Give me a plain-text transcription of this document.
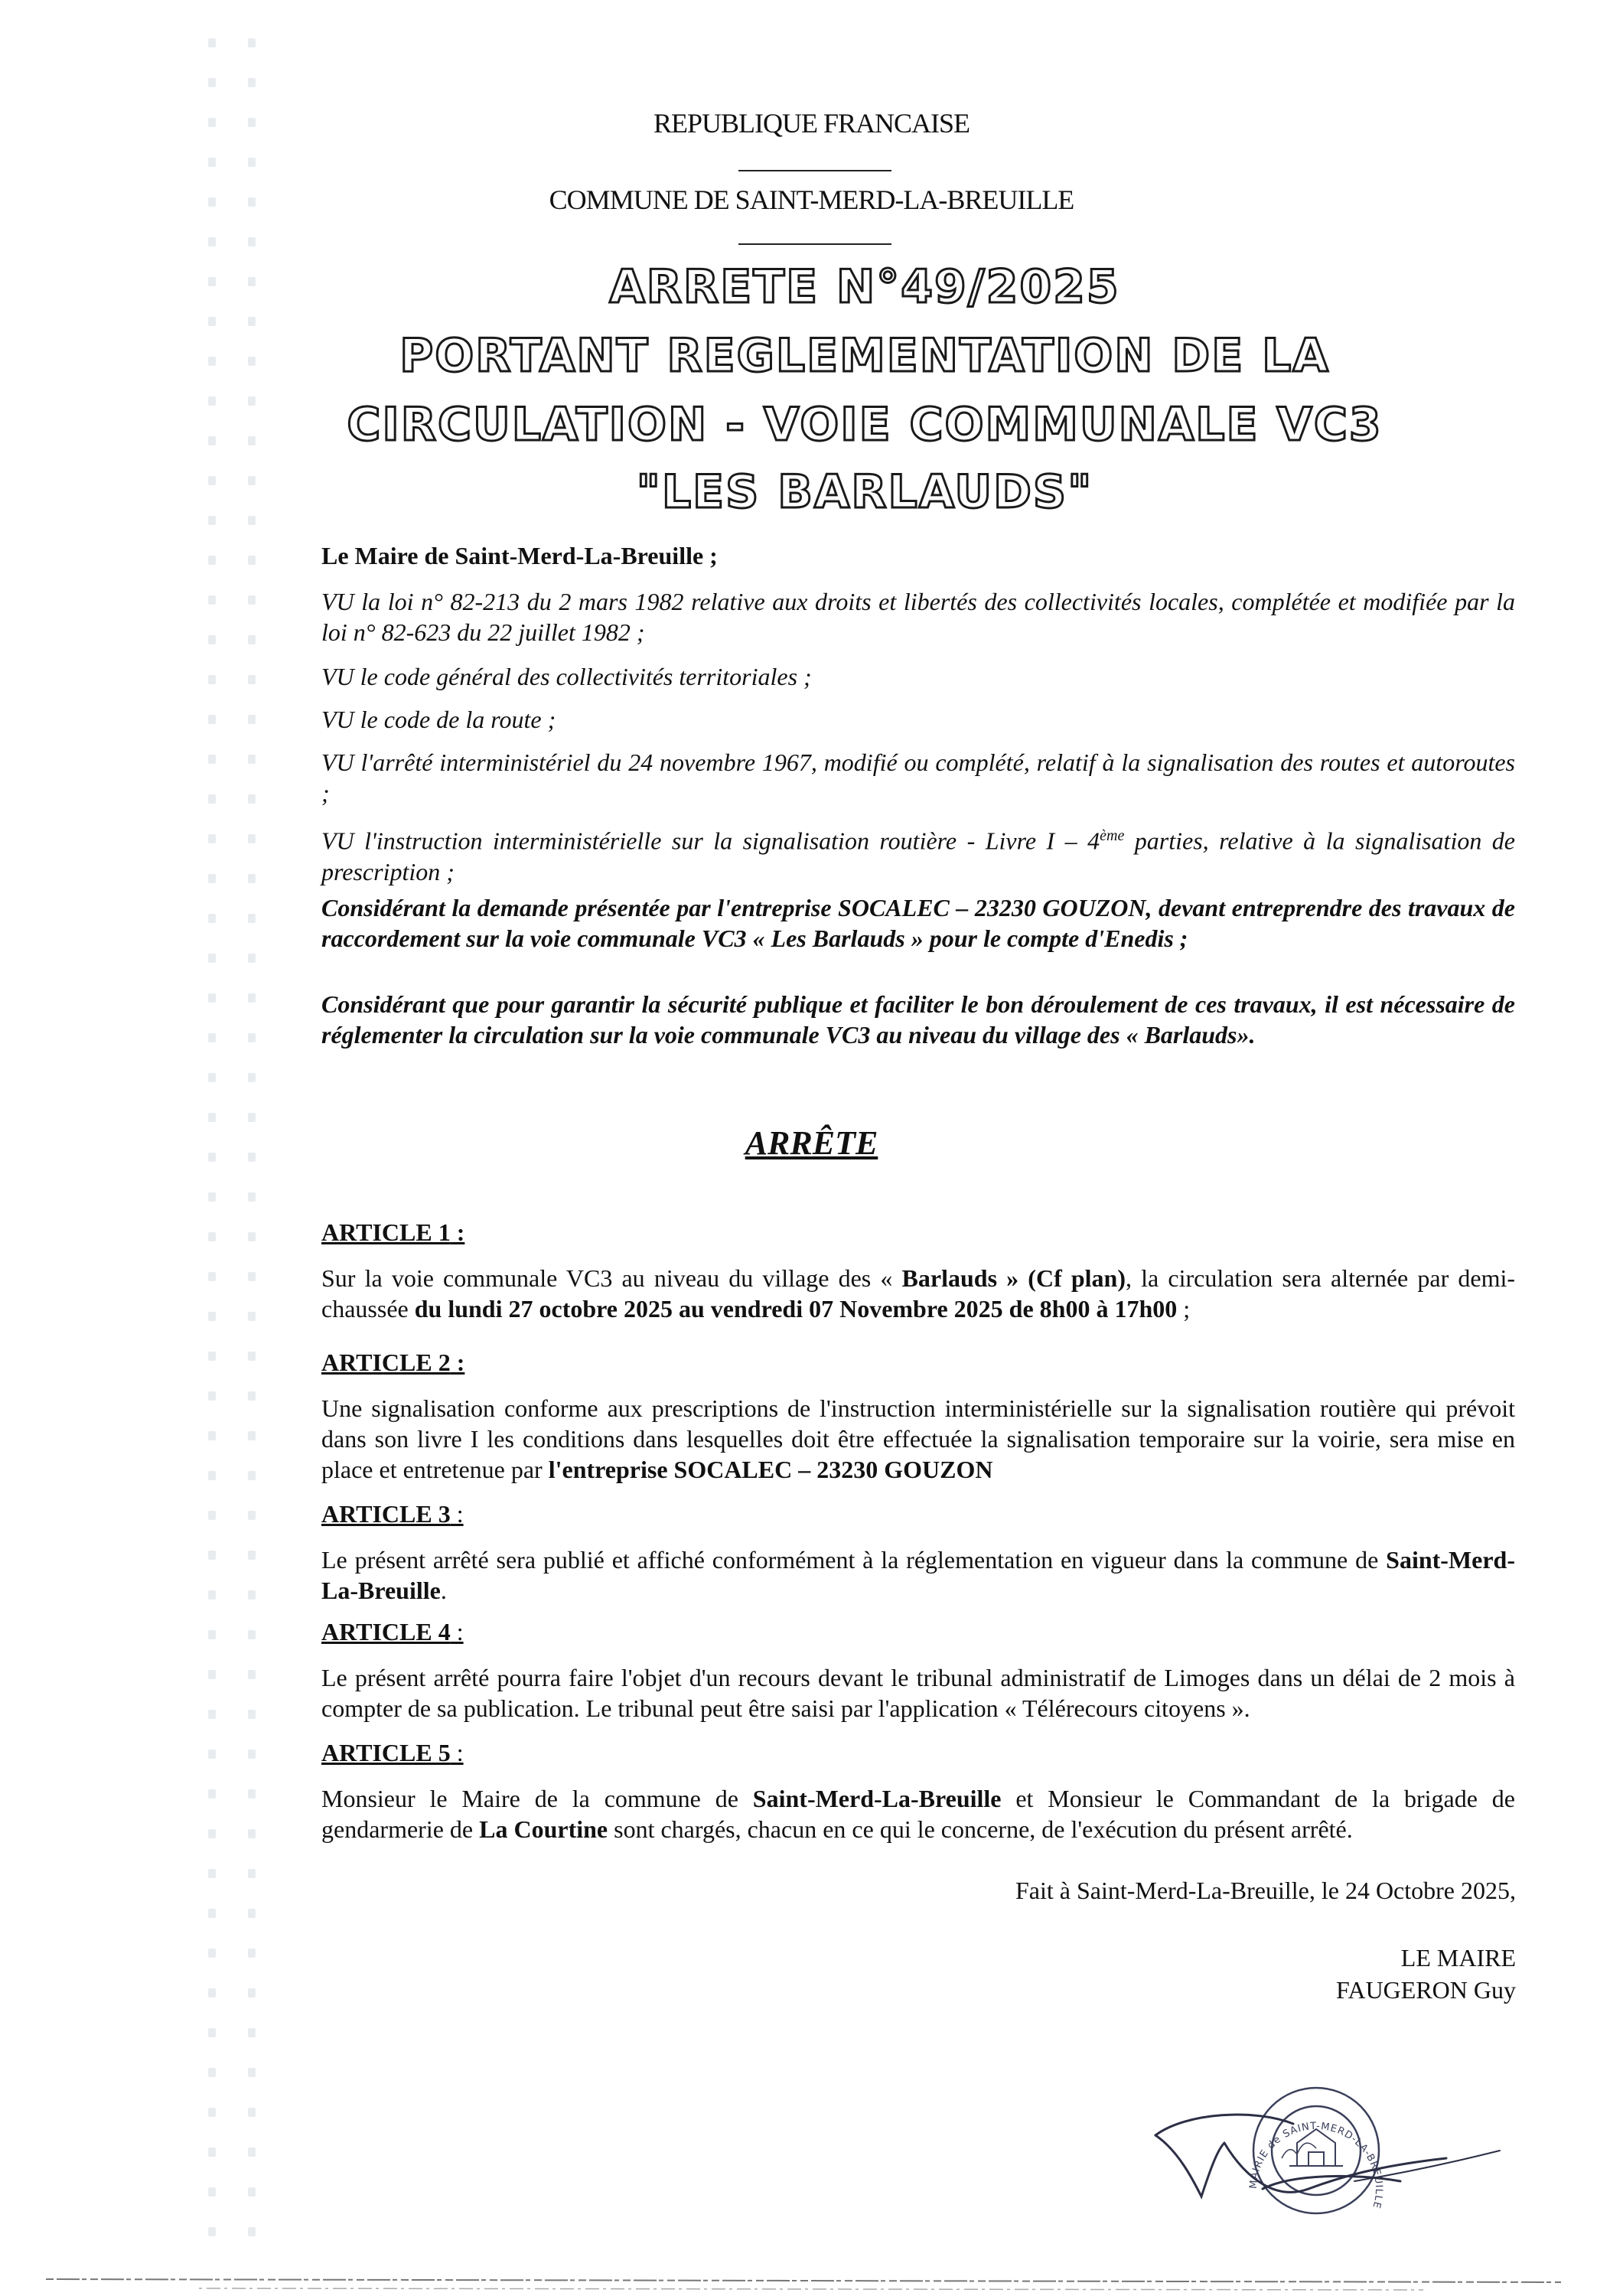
REPUBLIQUE FRANCAISE
COMMUNE DE SAINT-MERD-LA-BREUILLE
ARRETE N°49/2025
PORTANT REGLEMENTATION DE LA
CIRCULATION - VOIE COMMUNALE VC3
"LES BARLAUDS"
Le Maire de Saint-Merd-La-Breuille ;
VU la loi n° 82-213 du 2 mars 1982 relative aux droits et libertés des collectivités locales, complétée et modifiée par la loi n° 82-623 du 22 juillet 1982 ;
VU le code général des collectivités territoriales ;
VU le code de la route ;
VU l'arrêté interministériel du 24 novembre 1967, modifié ou complété, relatif à la signalisation des routes et autoroutes ;
VU l'instruction interministérielle sur la signalisation routière - Livre I – 4ème parties, relative à la signalisation de prescription ;
Considérant la demande présentée par l'entreprise SOCALEC – 23230 GOUZON, devant entreprendre des travaux de raccordement sur la voie communale VC3 « Les Barlauds » pour le compte d'Enedis ;
Considérant que pour garantir la sécurité publique et faciliter le bon déroulement de ces travaux, il est nécessaire de réglementer la circulation sur la voie communale VC3 au niveau du village des « Barlauds».
ARRÊTE
ARTICLE 1 :
Sur la voie communale VC3 au niveau du village des « Barlauds » (Cf plan), la circulation sera alternée par demi-chaussée du lundi 27 octobre 2025 au vendredi 07 Novembre 2025 de 8h00 à 17h00 ;
ARTICLE 2 :
Une signalisation conforme aux prescriptions de l'instruction interministérielle sur la signalisation routière qui prévoit dans son livre I les conditions dans lesquelles doit être effectuée la signalisation temporaire sur la voirie, sera mise en place et entretenue par l'entreprise SOCALEC – 23230 GOUZON
ARTICLE 3 :
Le présent arrêté sera publié et affiché conformément à la réglementation en vigueur dans la commune de Saint-Merd-La-Breuille.
ARTICLE 4 :
Le présent arrêté pourra faire l'objet d'un recours devant le tribunal administratif de Limoges dans un délai de 2 mois à compter de sa publication. Le tribunal peut être saisi par l'application « Télérecours citoyens ».
ARTICLE 5 :
Monsieur le Maire de la commune de Saint-Merd-La-Breuille et Monsieur le Commandant de la brigade de gendarmerie de La Courtine sont chargés, chacun en ce qui le concerne, de l'exécution du présent arrêté.
Fait à Saint-Merd-La-Breuille, le 24 Octobre 2025,
LE MAIRE
FAUGERON Guy
MAIRIE de SAINT-MERD-LA-BREUILLE
